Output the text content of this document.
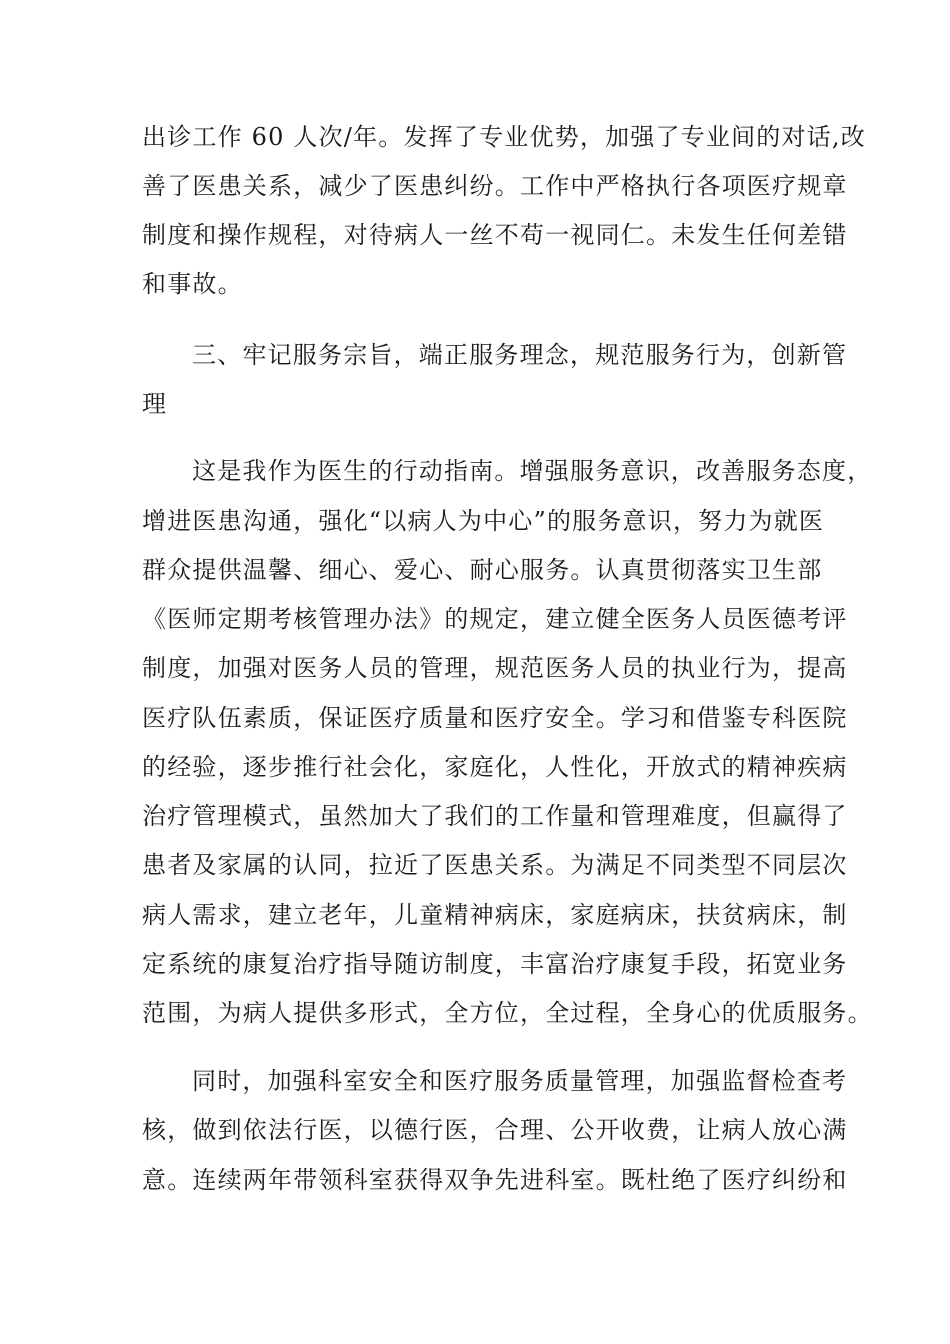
出诊工作 60 人次/年。发挥了专业优势，加强了专业间的对话,改
善了医患关系，减少了医患纠纷。工作中严格执行各项医疗规章
制度和操作规程，对待病人一丝不苟一视同仁。未发生任何差错
和事故。
三、牢记服务宗旨，端正服务理念，规范服务行为，创新管
理
这是我作为医生的行动指南。增强服务意识，改善服务态度，
增进医患沟通，强化“以病人为中心”的服务意识，努力为就医
群众提供温馨、细心、爱心、耐心服务。认真贯彻落实卫生部
《医师定期考核管理办法》的规定，建立健全医务人员医德考评
制度，加强对医务人员的管理，规范医务人员的执业行为，提高
医疗队伍素质，保证医疗质量和医疗安全。学习和借鉴专科医院
的经验，逐步推行社会化，家庭化，人性化，开放式的精神疾病
治疗管理模式，虽然加大了我们的工作量和管理难度，但赢得了
患者及家属的认同，拉近了医患关系。为满足不同类型不同层次
病人需求，建立老年，儿童精神病床，家庭病床，扶贫病床，制
定系统的康复治疗指导随访制度，丰富治疗康复手段，拓宽业务
范围，为病人提供多形式，全方位，全过程，全身心的优质服务。
同时，加强科室安全和医疗服务质量管理，加强监督检查考
核，做到依法行医，以德行医，合理、公开收费，让病人放心满
意。连续两年带领科室获得双争先进科室。既杜绝了医疗纠纷和
